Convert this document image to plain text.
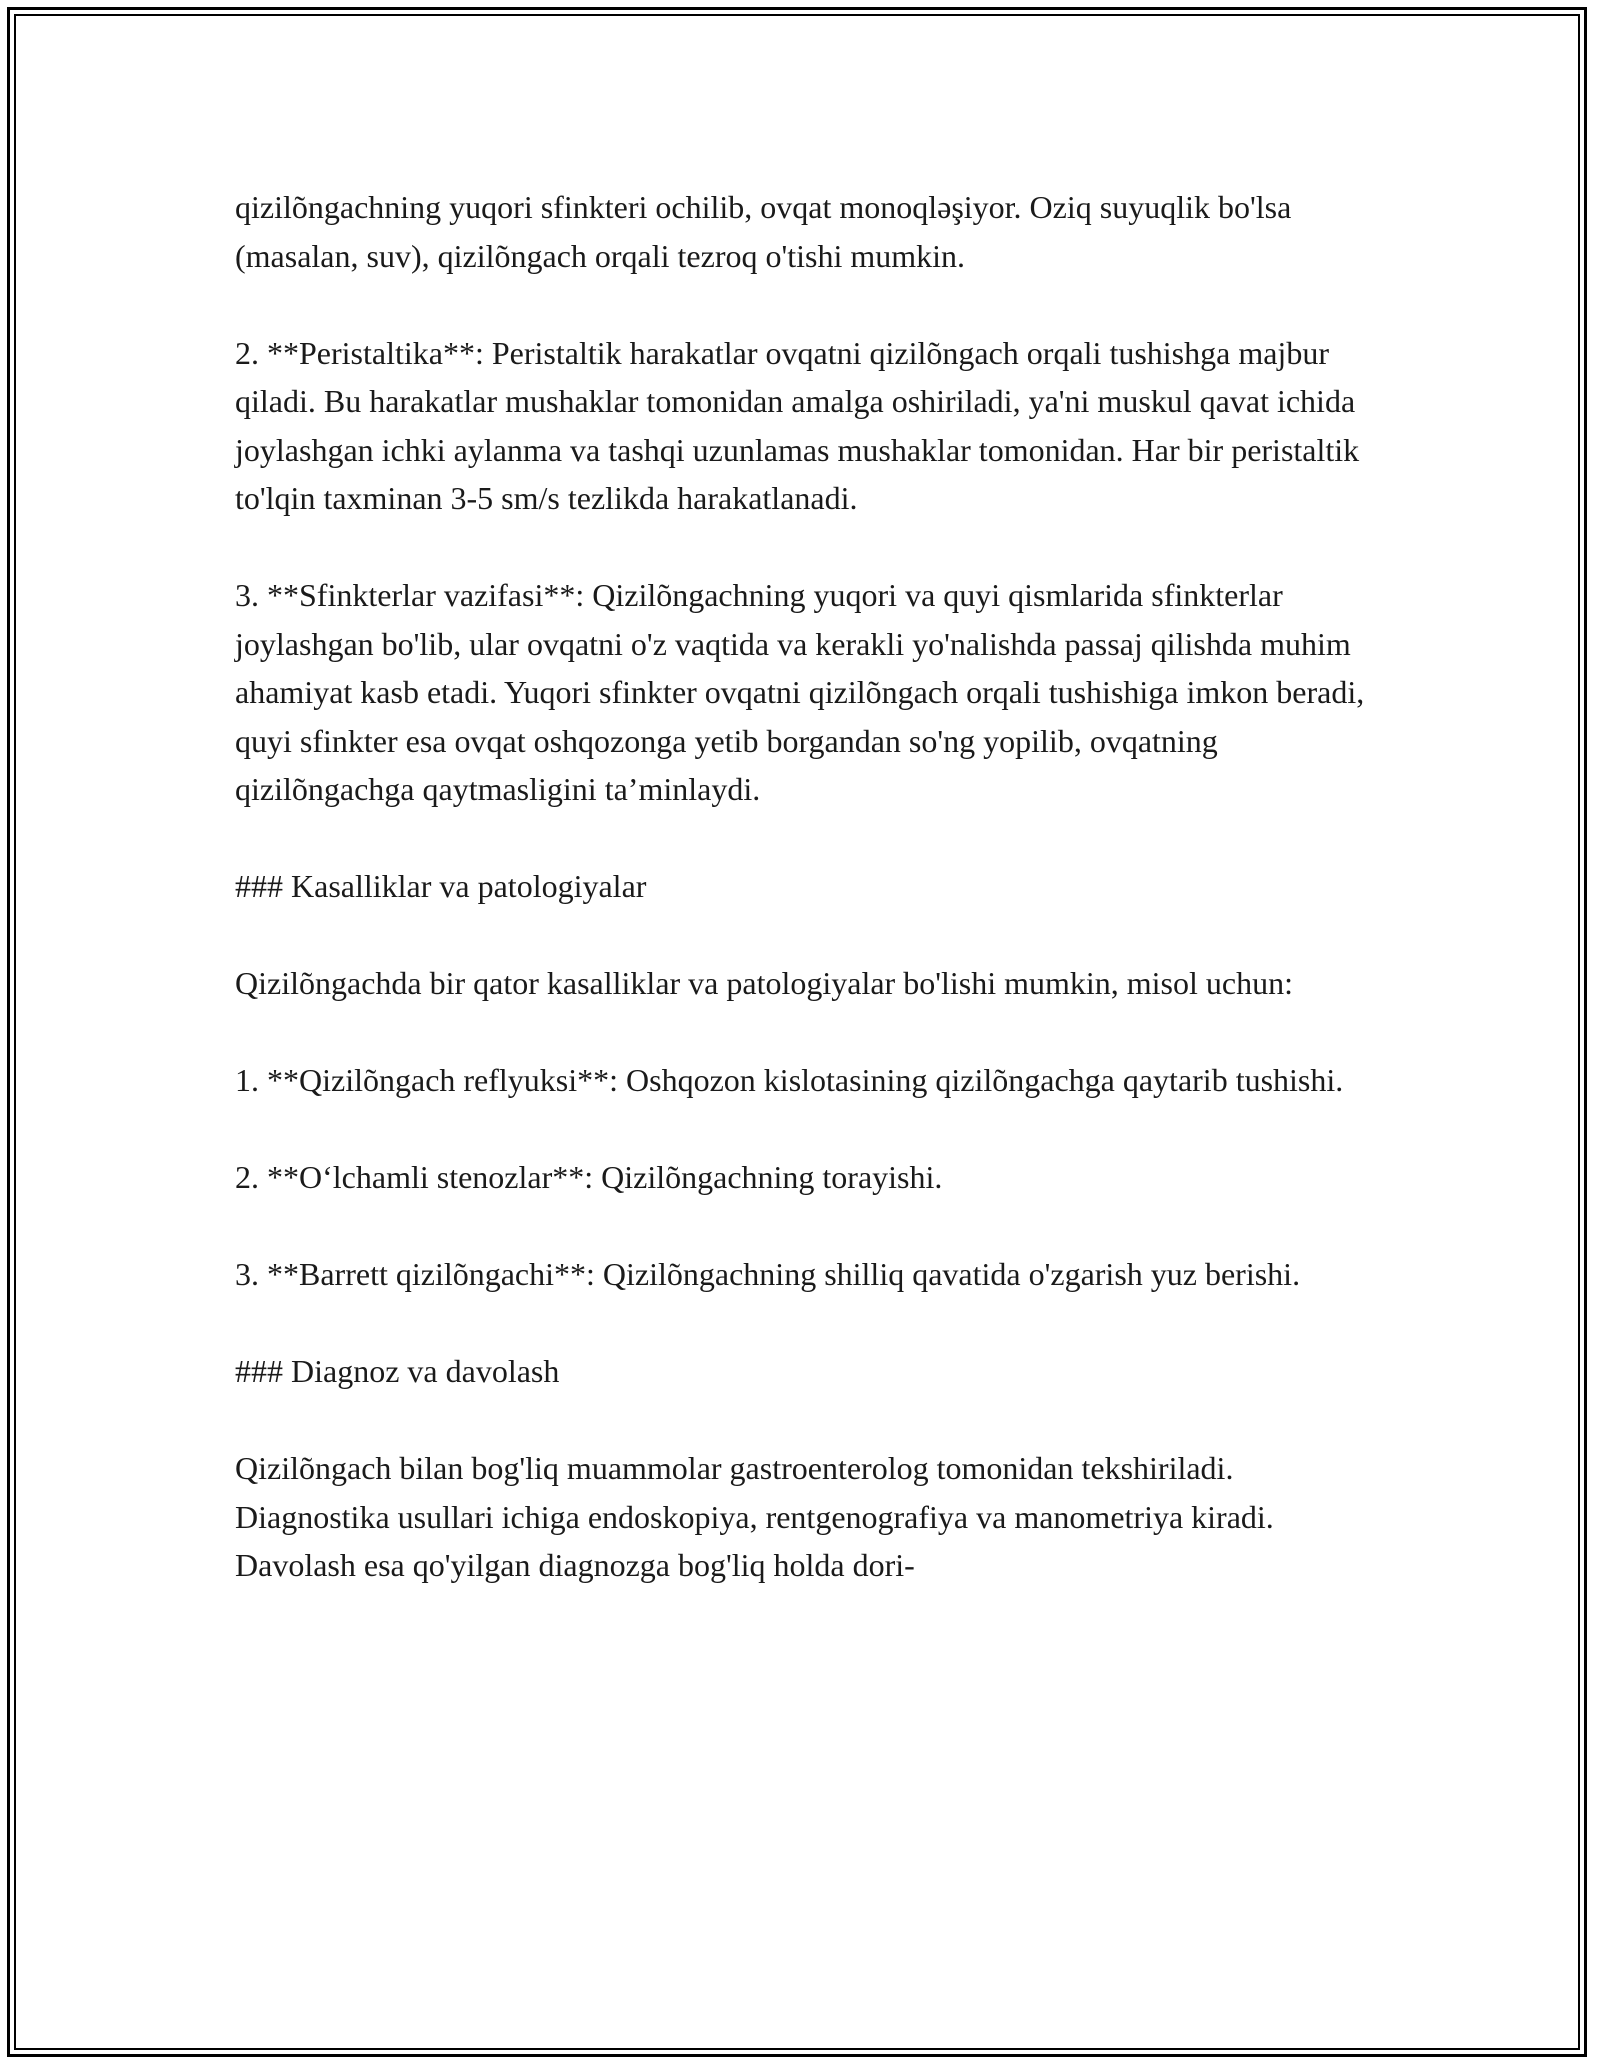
qizilõngachning yuqori sfinkteri ochilib, ovqat monoqləşiyor. Oziq suyuqlik bo'lsa (masalan, suv), qizilõngach orqali tezroq o'tishi mumkin.

2. **Peristaltika**: Peristaltik harakatlar ovqatni qizilõngach orqali tushishga majbur qiladi. Bu harakatlar mushaklar tomonidan amalga oshiriladi, ya'ni muskul qavat ichida joylashgan ichki aylanma va tashqi uzunlamas mushaklar tomonidan. Har bir peristaltik to'lqin taxminan 3-5 sm/s tezlikda harakatlanadi.

3. **Sfinkterlar vazifasi**: Qizilõngachning yuqori va quyi qismlarida sfinkterlar joylashgan bo'lib, ular ovqatni o'z vaqtida va kerakli yo'nalishda passaj qilishda muhim ahamiyat kasb etadi. Yuqori sfinkter ovqatni qizilõngach orqali tushishiga imkon beradi, quyi sfinkter esa ovqat oshqozonga yetib borgandan so'ng yopilib, ovqatning qizilõngachga qaytmasligini ta’minlaydi.

### Kasalliklar va patologiyalar

Qizilõngachda bir qator kasalliklar va patologiyalar bo'lishi mumkin, misol uchun:

1. **Qizilõngach reflyuksi**: Oshqozon kislotasining qizilõngachga qaytarib tushishi.

2. **O‘lchamli stenozlar**: Qizilõngachning torayishi.

3. **Barrett qizilõngachi**: Qizilõngachning shilliq qavatida o'zgarish yuz berishi.

### Diagnoz va davolash

Qizilõngach bilan bog'liq muammolar gastroenterolog tomonidan tekshiriladi. Diagnostika usullari ichiga endoskopiya, rentgenografiya va manometriya kiradi. Davolash esa qo'yilgan diagnozga bog'liq holda dori-
